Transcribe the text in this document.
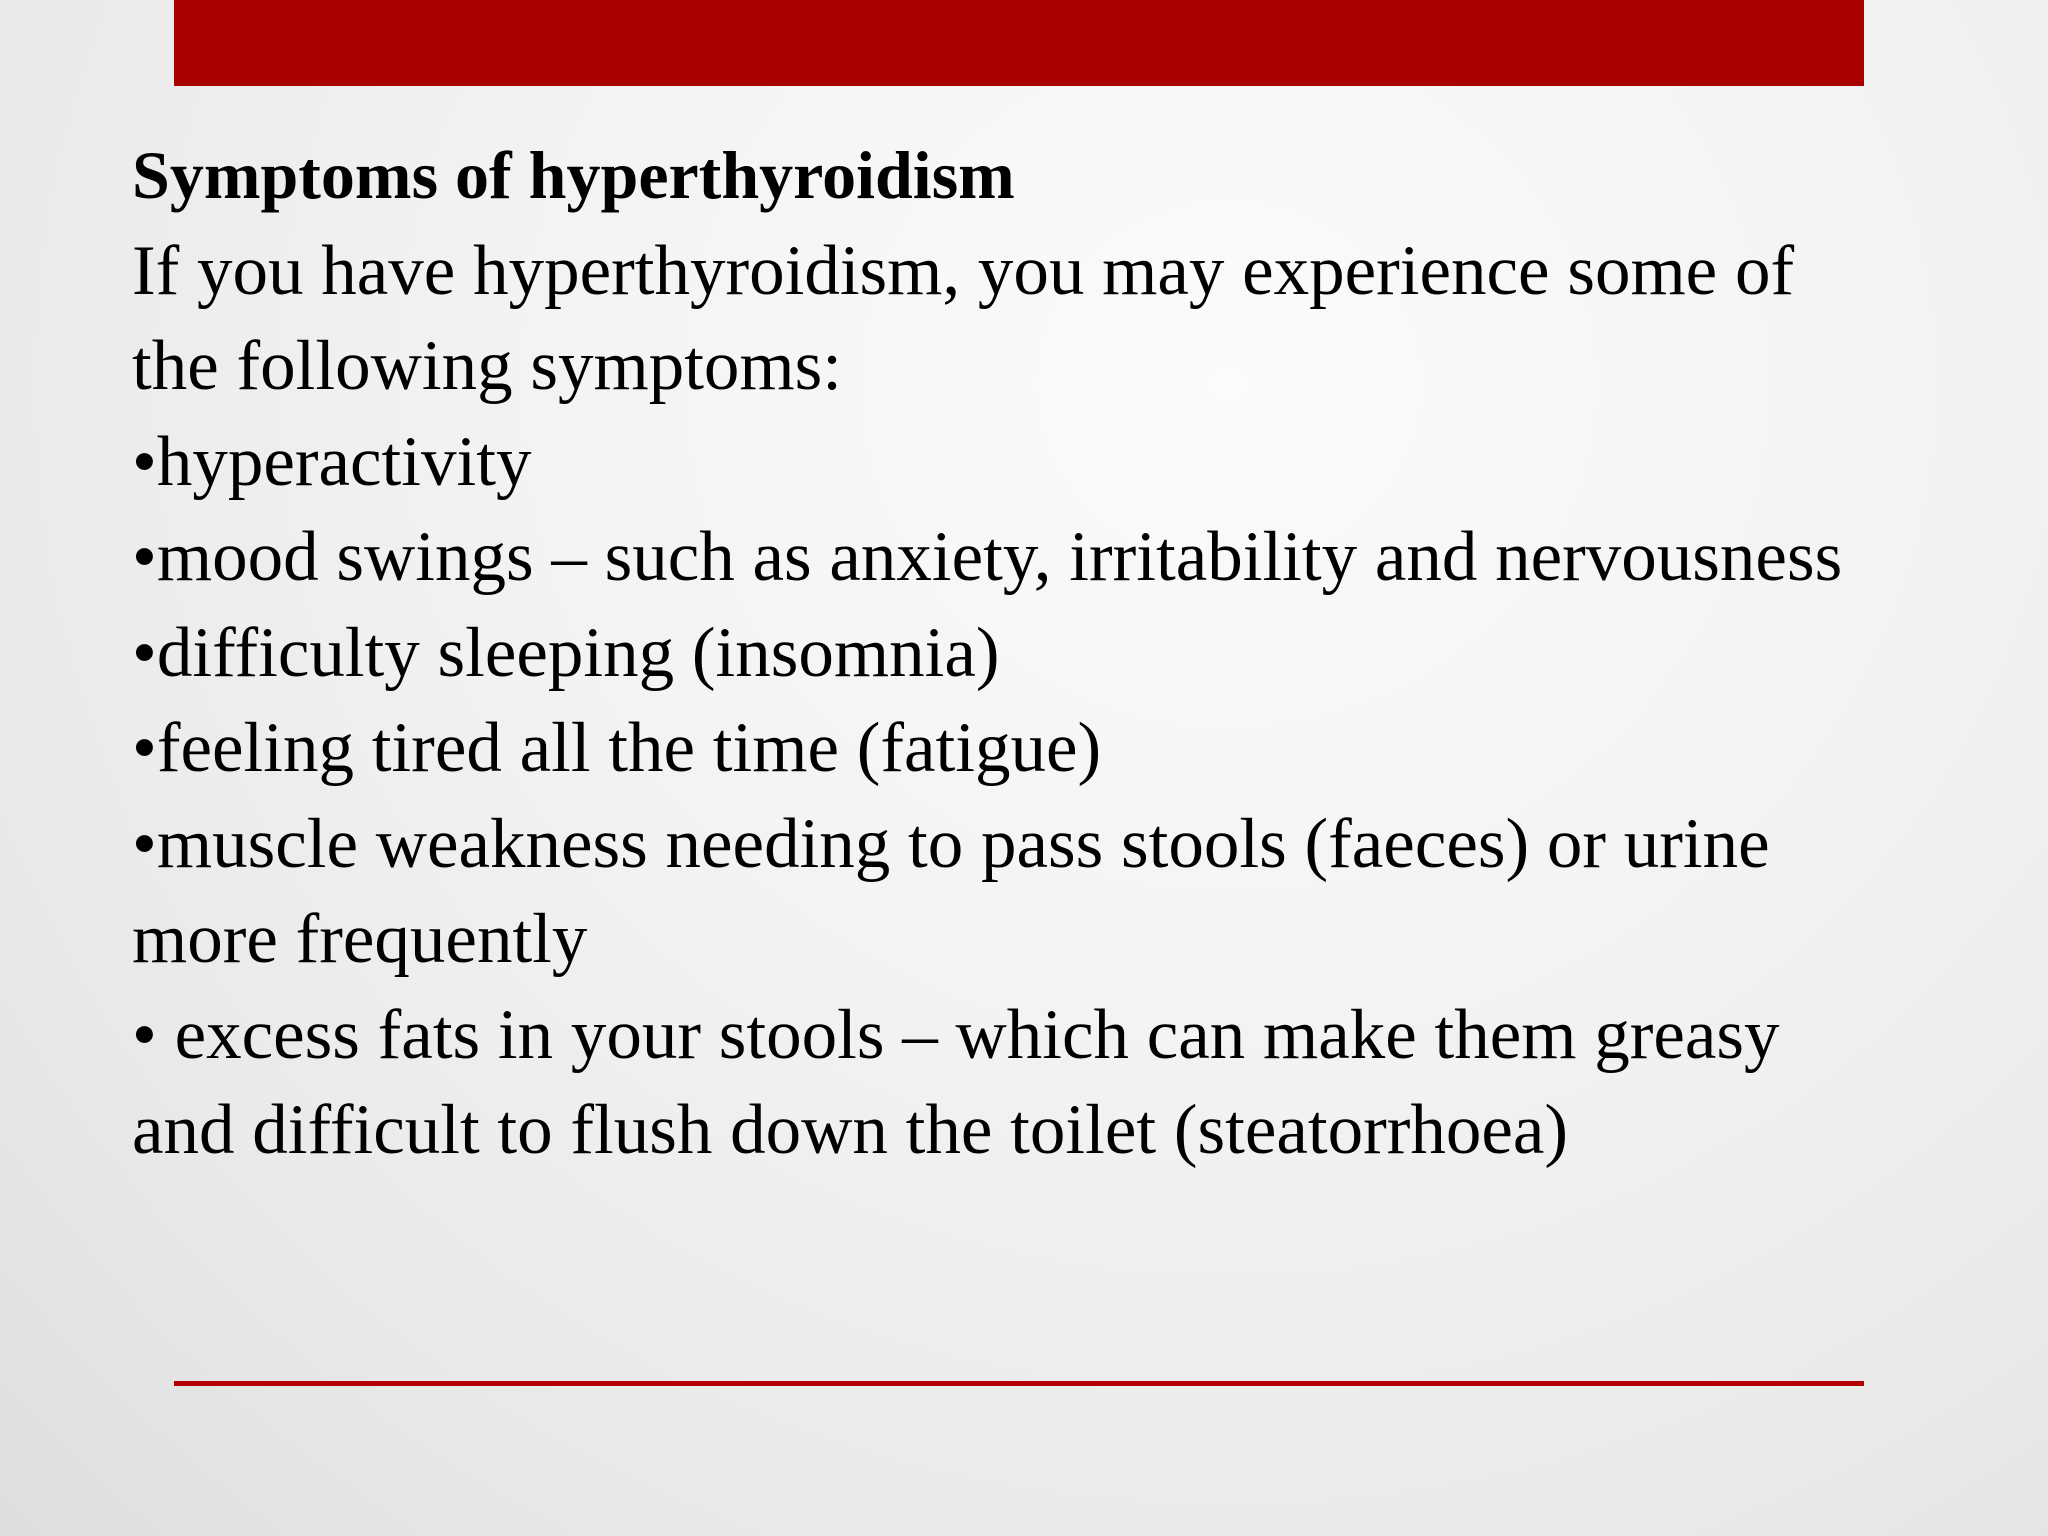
Symptoms of hyperthyroidism

If you have hyperthyroidism, you may experience some of the following symptoms:

•hyperactivity

•mood swings – such as anxiety, irritability and nervousness

•difficulty sleeping (insomnia)

•feeling tired all the time (fatigue)

•muscle weakness needing to pass stools (faeces) or urine more frequently

• excess fats in your stools – which can make them greasy and difficult to flush down the toilet (steatorrhoea)
